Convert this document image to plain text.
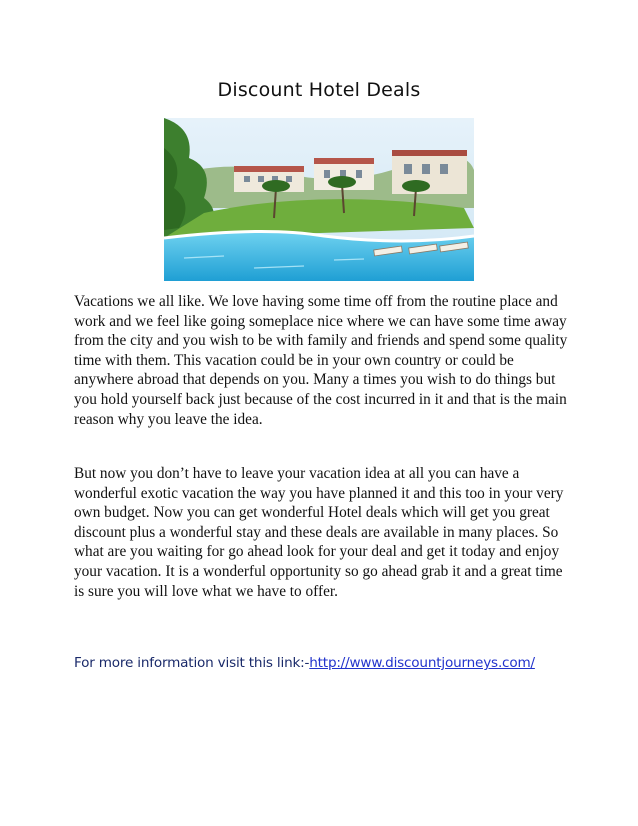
Discount Hotel Deals

Vacations we all like. We love having some time off from the routine place and work and we feel like going someplace nice where we can have some time away from the city and you wish to be with family and friends and spend some quality time with them. This vacation could be in your own country or could be anywhere abroad that depends on you. Many a times you wish to do things but you hold yourself back just because of the cost incurred in it and that is the main reason why you leave the idea.

But now you don’t have to leave your vacation idea at all you can have a wonderful exotic vacation the way you have planned it and this too in your very own budget. Now you can get wonderful Hotel deals which will get you great discount plus a wonderful stay and these deals are available in many places. So what are you waiting for go ahead look for your deal and get it today and enjoy your vacation. It is a wonderful opportunity so go ahead grab it and a great time is sure you will love what we have to offer.

For more information visit this link:-http://www.discountjourneys.com/
